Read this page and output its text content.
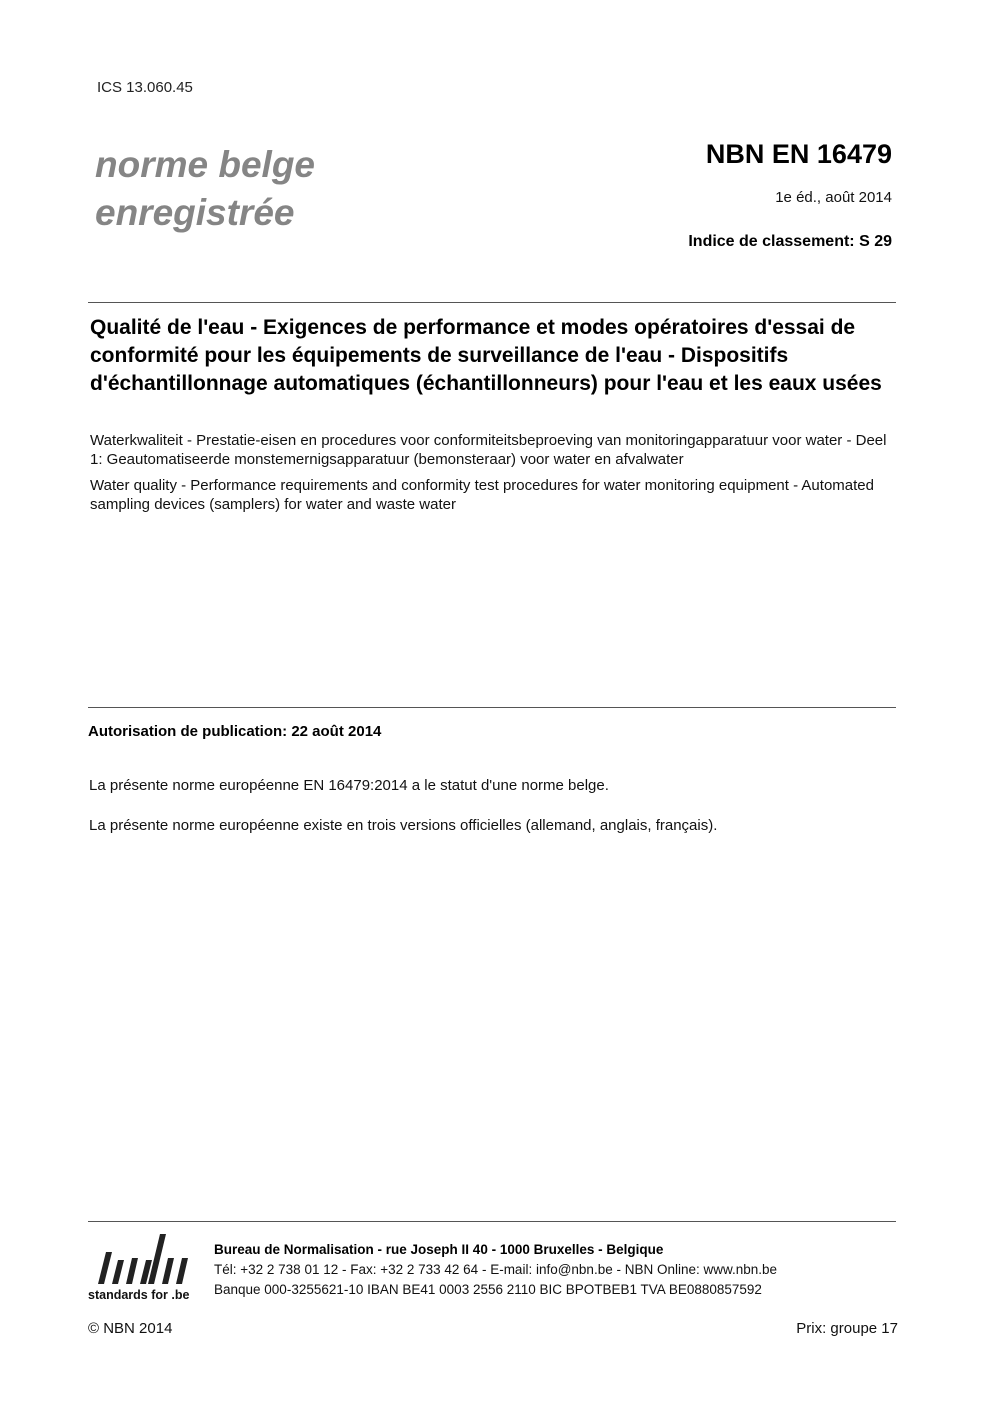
ICS 13.060.45
norme belge
enregistrée
NBN EN 16479
1e éd., août 2014
Indice de classement: S 29
Qualité de l'eau - Exigences de performance et modes opératoires d'essai de conformité pour les équipements de surveillance de l'eau - Dispositifs d'échantillonnage automatiques (échantillonneurs) pour l'eau et les eaux usées
Waterkwaliteit - Prestatie-eisen en procedures voor conformiteitsbeproeving van monitoringapparatuur voor water - Deel 1: Geautomatiseerde monstemernigsapparatuur (bemonsteraar) voor water en afvalwater
Water quality - Performance requirements and conformity test procedures for water monitoring equipment - Automated sampling devices (samplers) for water and waste water
Autorisation de publication: 22 août 2014
La présente norme européenne EN 16479:2014 a le statut d'une norme belge.
La présente norme européenne existe en trois versions officielles (allemand, anglais, français).
standards for .be
Bureau de Normalisation - rue Joseph II 40 - 1000 Bruxelles - Belgique
Tél: +32 2 738 01 12 - Fax: +32 2 733 42 64 - E-mail: info@nbn.be - NBN Online: www.nbn.be
Banque 000-3255621-10 IBAN BE41 0003 2556 2110 BIC BPOTBEB1 TVA BE0880857592
© NBN 2014	Prix: groupe 17
